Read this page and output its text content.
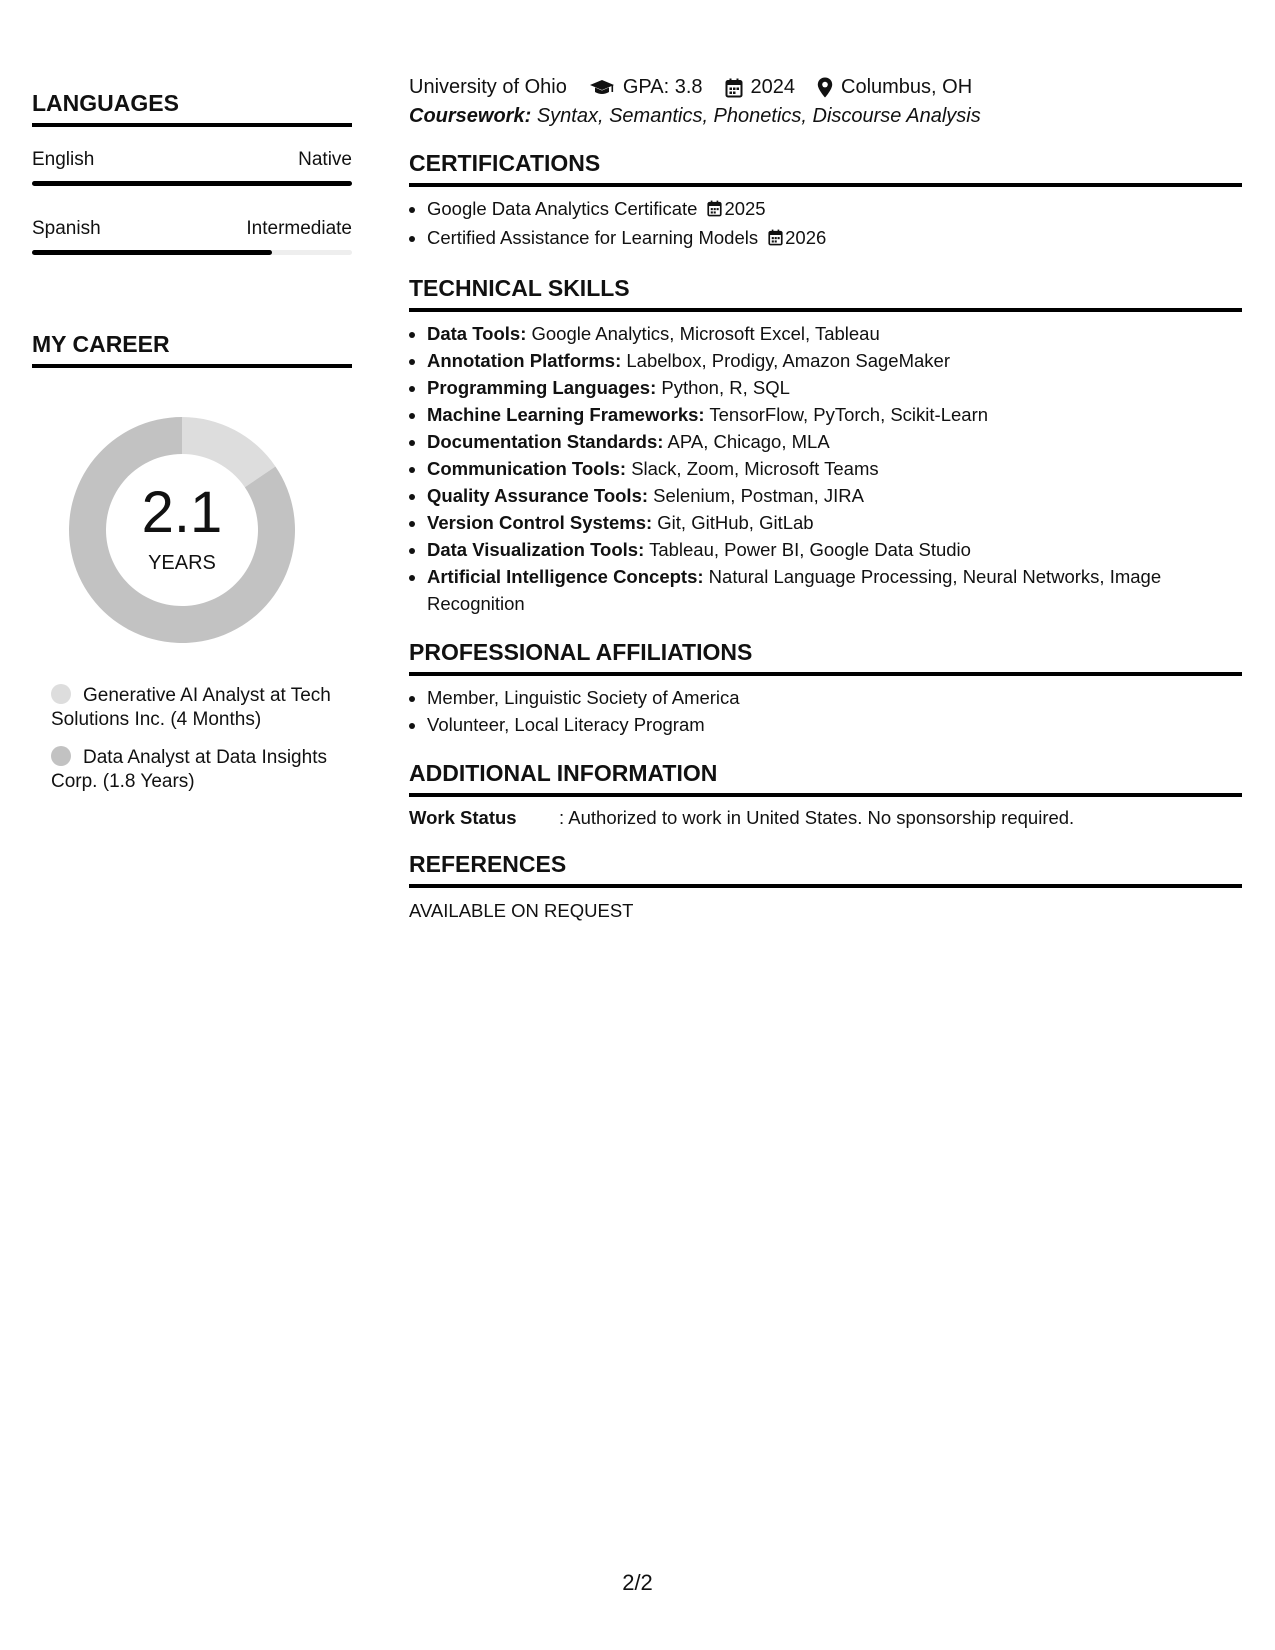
LANGUAGES
English	Native
Spanish	Intermediate
MY CAREER
2.1
YEARS
Generative AI Analyst at Tech Solutions Inc. (4 Months)
Data Analyst at Data Insights Corp. (1.8 Years)
University of Ohio	GPA: 3.8 2024 Columbus, OH
Coursework: Syntax, Semantics, Phonetics, Discourse Analysis
CERTIFICATIONS
• Google Data Analytics Certificate 2025
• Certified Assistance for Learning Models 2026
TECHNICAL SKILLS
• Data Tools: Google Analytics, Microsoft Excel, Tableau
• Annotation Platforms: Labelbox, Prodigy, Amazon SageMaker
• Programming Languages: Python, R, SQL
• Machine Learning Frameworks: TensorFlow, PyTorch, Scikit-Learn
• Documentation Standards: APA, Chicago, MLA
• Communication Tools: Slack, Zoom, Microsoft Teams
• Quality Assurance Tools: Selenium, Postman, JIRA
• Version Control Systems: Git, GitHub, GitLab
• Data Visualization Tools: Tableau, Power BI, Google Data Studio
• Artificial Intelligence Concepts: Natural Language Processing, Neural Networks, Image Recognition
PROFESSIONAL AFFILIATIONS
• Member, Linguistic Society of America
• Volunteer, Local Literacy Program
ADDITIONAL INFORMATION
Work Status	: Authorized to work in United States. No sponsorship required.
REFERENCES
AVAILABLE ON REQUEST
2/2
